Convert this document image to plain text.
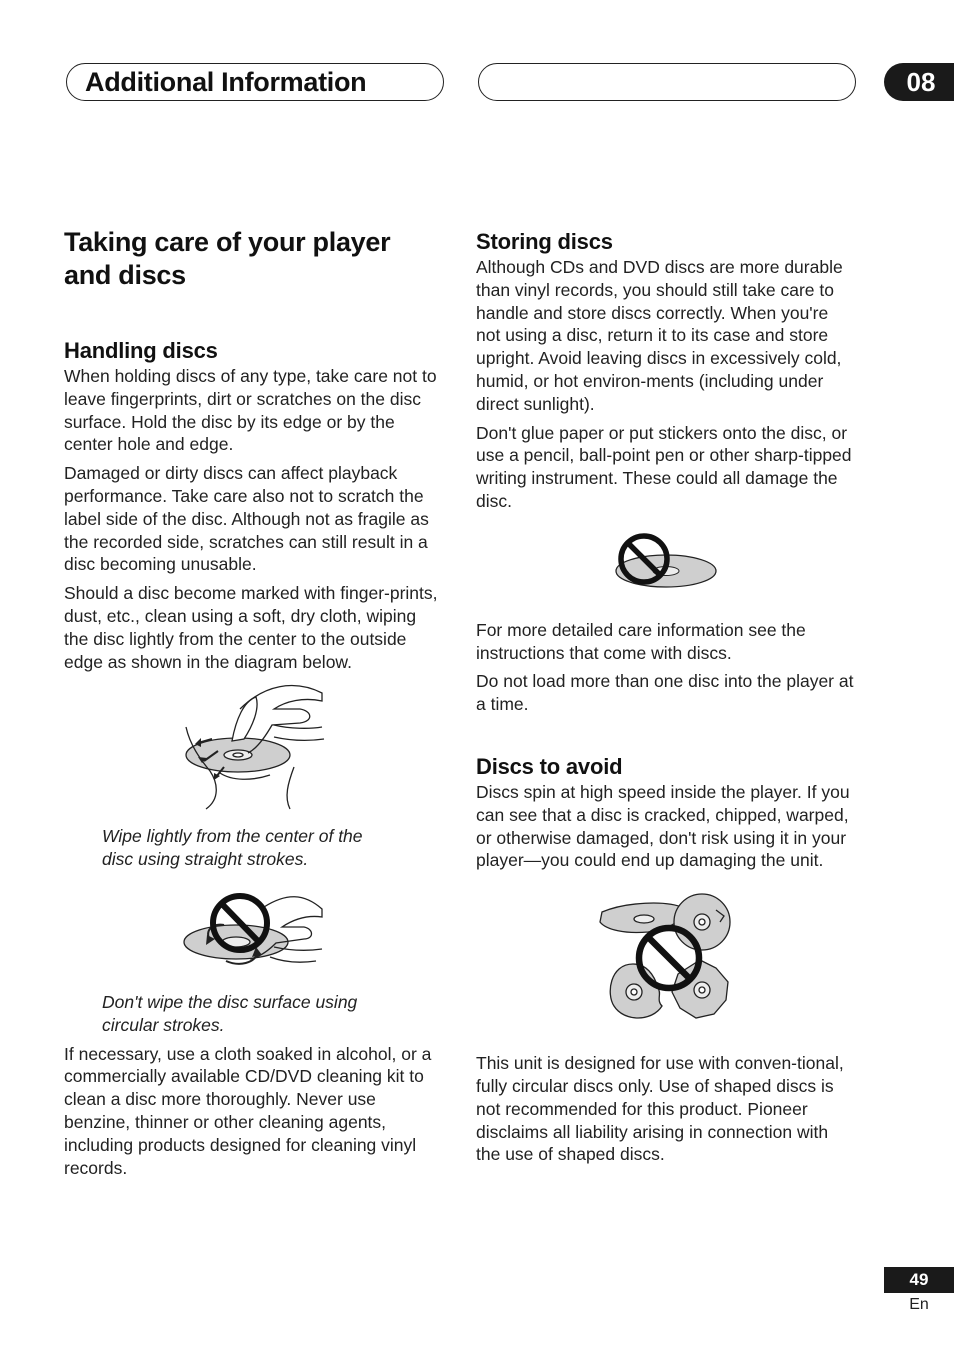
Additional Information	08
Taking care of your player
and discs
Handling discs

When holding discs of any type, take care not to leave fingerprints, dirt or scratches on the disc surface. Hold the disc by its edge or by the center hole and edge.

Damaged or dirty discs can affect playback performance. Take care also not to scratch the label side of the disc. Although not as fragile as the recorded side, scratches can still result in a disc becoming unusable.

Should a disc become marked with finger-prints, dust, etc., clean using a soft, dry cloth, wiping the disc lightly from the center to the outside edge as shown in the diagram below.

Wipe lightly from the center of the
disc using straight strokes.

Don't wipe the disc surface using
circular strokes.

If necessary, use a cloth soaked in alcohol, or a commercially available CD/DVD cleaning kit to clean a disc more thoroughly. Never use benzine, thinner or other cleaning agents, including products designed for cleaning vinyl records.

Storing discs

Although CDs and DVD discs are more durable than vinyl records, you should still take care to handle and store discs correctly. When you're not using a disc, return it to its case and store upright. Avoid leaving discs in excessively cold, humid, or hot environ-ments (including under direct sunlight).

Don't glue paper or put stickers onto the disc, or use a pencil, ball-point pen or other sharp-tipped writing instrument. These could all damage the disc.

For more detailed care information see the instructions that come with discs.

Do not load more than one disc into the player at a time.

Discs to avoid

Discs spin at high speed inside the player. If you can see that a disc is cracked, chipped, warped, or otherwise damaged, don't risk using it in your player—you could end up damaging the unit.

This unit is designed for use with conven-tional, fully circular discs only. Use of shaped discs is not recommended for this product. Pioneer disclaims all liability arising in connection with the use of shaped discs.

49
En
